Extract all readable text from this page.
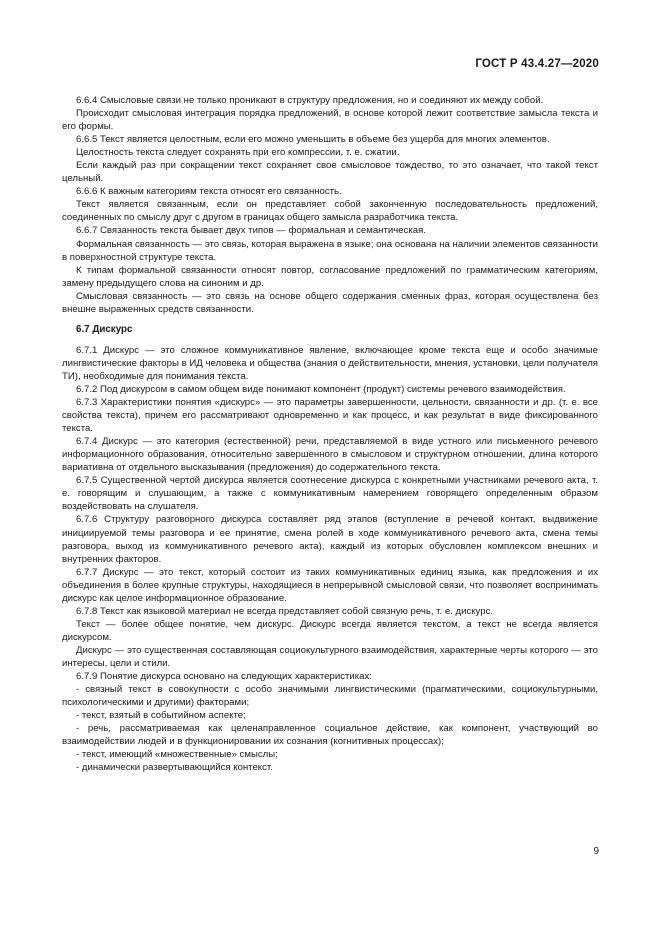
ГОСТ Р 43.4.27—2020

6.6.4 Смысловые связи не только проникают в структуру предложения, но и соединяют их между собой.

Происходит смысловая интеграция порядка предложений, в основе которой лежит соответствие замысла текста и его формы.

6.6.5 Текст является целостным, если его можно уменьшить в объеме без ущерба для многих элементов.

Целостность текста следует сохранять при его компрессии, т. е. сжатии.

Если каждый раз при сокращении текст сохраняет свое смысловое тождество, то это означает, что такой текст цельный.

6.6.6 К важным категориям текста относят его связанность.

Текст является связанным, если он представляет собой законченную последовательность предложений, соединенных по смыслу друг с другом в границах общего замысла разработчика текста.

6.6.7 Связанность текста бывает двух типов — формальная и семантическая.

Формальная связанность — это связь, которая выражена в языке; она основана на наличии элементов связанности в поверхностной структуре текста.

К типам формальной связанности относят повтор, согласование предложений по грамматическим категориям, замену предыдущего слова на синоним и др.

Смысловая связанность — это связь на основе общего содержания сменных фраз, которая осуществлена без внешне выраженных средств связанности.

6.7 Дискурс

6.7.1 Дискурс — это сложное коммуникативное явление, включающее кроме текста еще и особо значимые лингвистические факторы в ИД человека и общества (знания о действительности, мнения, установки, цели получателя ТИ), необходимые для понимания текста.

6.7.2 Под дискурсом в самом общем виде понимают компонент (продукт) системы речевого взаимодействия.

6.7.3 Характеристики понятия «дискурс» — это параметры завершенности, цельности, связанности и др. (т. е. все свойства текста), причем его рассматривают одновременно и как процесс, и как результат в виде фиксированного текста.

6.7.4 Дискурс — это категория (естественной) речи, представляемой в виде устного или письменного речевого информационного образования, относительно завершенного в смысловом и структурном отношении, длина которого вариативна от отдельного высказывания (предложения) до содержательного текста.

6.7.5 Существенной чертой дискурса является соотнесение дискурса с конкретными участниками речевого акта, т. е. говорящим и слушающим, а также с коммуникативным намерением говорящего определенным образом воздействовать на слушателя.

6.7.6 Структуру разговорного дискурса составляет ряд этапов (вступление в речевой контакт, выдвижение инициируемой темы разговора и ее принятие, смена ролей в ходе коммуникативного речевого акта, смена темы разговора, выход из коммуникативного речевого акта), каждый из которых обусловлен комплексом внешних и внутренних факторов.

6.7.7 Дискурс — это текст, который состоит из таких коммуникативных единиц языка, как предложения и их объединения в более крупные структуры, находящиеся в непрерывной смысловой связи, что позволяет воспринимать дискурс как целое информационное образование.

6.7.8 Текст как языковой материал не всегда представляет собой связную речь, т. е. дискурс.

Текст — более общее понятие, чем дискурс. Дискурс всегда является текстом, а текст не всегда является дискурсом.

Дискурс — это существенная составляющая социокультурного взаимодействия, характерные черты которого — это интересы, цели и стили.

6.7.9 Понятие дискурса основано на следующих характеристиках:

- связный текст в совокупности с особо значимыми лингвистическими (прагматическими, социокультурными, психологическими и другими) факторами;

- текст, взятый в событийном аспекте;

- речь, рассматриваемая как целенаправленное социальное действие, как компонент, участвующий во взаимодействии людей и в функционировании их сознания (когнитивных процессах);

- текст, имеющий «множественные» смыслы;

- динамически развертывающийся контекст.

9
